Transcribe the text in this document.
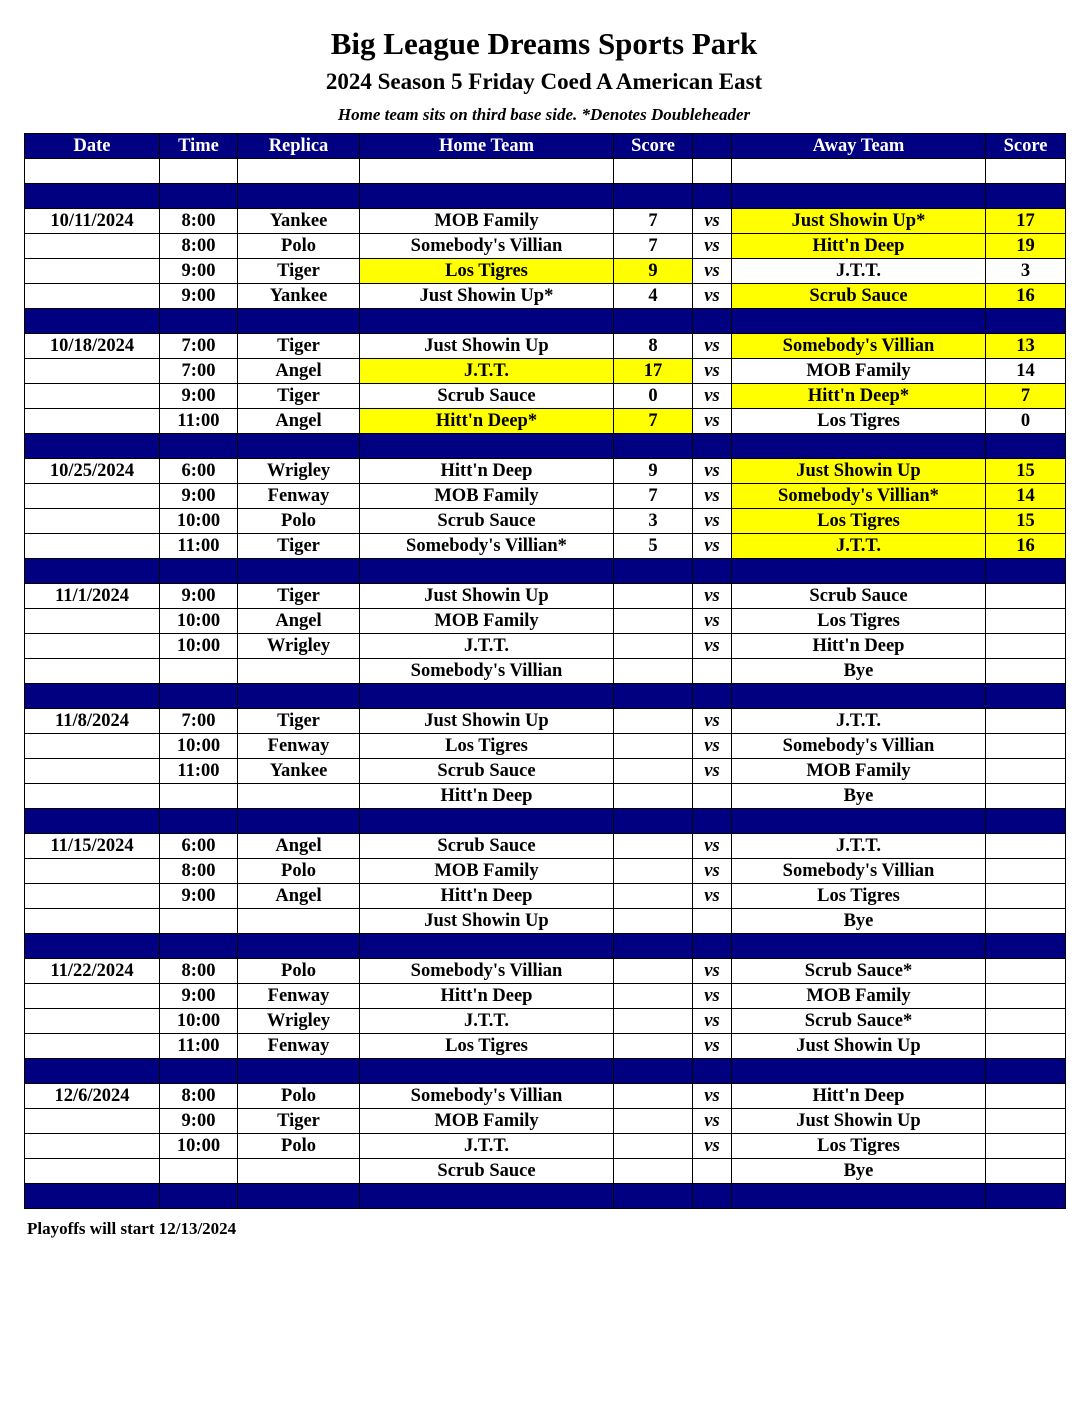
Big League Dreams Sports Park
2024 Season 5 Friday Coed A American East
Home team sits on third base side. *Denotes Doubleheader
Date	Time	Replica	Home Team	Score		Away Team	Score

10/11/2024	8:00	Yankee	MOB Family	7	vs	Just Showin Up*	17
	8:00	Polo	Somebody's Villian	7	vs	Hitt'n Deep	19
	9:00	Tiger	Los Tigres	9	vs	J.T.T.	3
	9:00	Yankee	Just Showin Up*	4	vs	Scrub Sauce	16

10/18/2024	7:00	Tiger	Just Showin Up	8	vs	Somebody's Villian	13
	7:00	Angel	J.T.T.	17	vs	MOB Family	14
	9:00	Tiger	Scrub Sauce	0	vs	Hitt'n Deep*	7
	11:00	Angel	Hitt'n Deep*	7	vs	Los Tigres	0

10/25/2024	6:00	Wrigley	Hitt'n Deep	9	vs	Just Showin Up	15
	9:00	Fenway	MOB Family	7	vs	Somebody's Villian*	14
	10:00	Polo	Scrub Sauce	3	vs	Los Tigres	15
	11:00	Tiger	Somebody's Villian*	5	vs	J.T.T.	16

11/1/2024	9:00	Tiger	Just Showin Up		vs	Scrub Sauce	
	10:00	Angel	MOB Family		vs	Los Tigres	
	10:00	Wrigley	J.T.T.		vs	Hitt'n Deep	
			Somebody's Villian			Bye	

11/8/2024	7:00	Tiger	Just Showin Up		vs	J.T.T.	
	10:00	Fenway	Los Tigres		vs	Somebody's Villian	
	11:00	Yankee	Scrub Sauce		vs	MOB Family	
			Hitt'n Deep			Bye	

11/15/2024	6:00	Angel	Scrub Sauce		vs	J.T.T.	
	8:00	Polo	MOB Family		vs	Somebody's Villian	
	9:00	Angel	Hitt'n Deep		vs	Los Tigres	
			Just Showin Up			Bye	

11/22/2024	8:00	Polo	Somebody's Villian		vs	Scrub Sauce*	
	9:00	Fenway	Hitt'n Deep		vs	MOB Family	
	10:00	Wrigley	J.T.T.		vs	Scrub Sauce*	
	11:00	Fenway	Los Tigres		vs	Just Showin Up	

12/6/2024	8:00	Polo	Somebody's Villian		vs	Hitt'n Deep	
	9:00	Tiger	MOB Family		vs	Just Showin Up	
	10:00	Polo	J.T.T.		vs	Los Tigres	
			Scrub Sauce			Bye	

Playoffs will start 12/13/2024
